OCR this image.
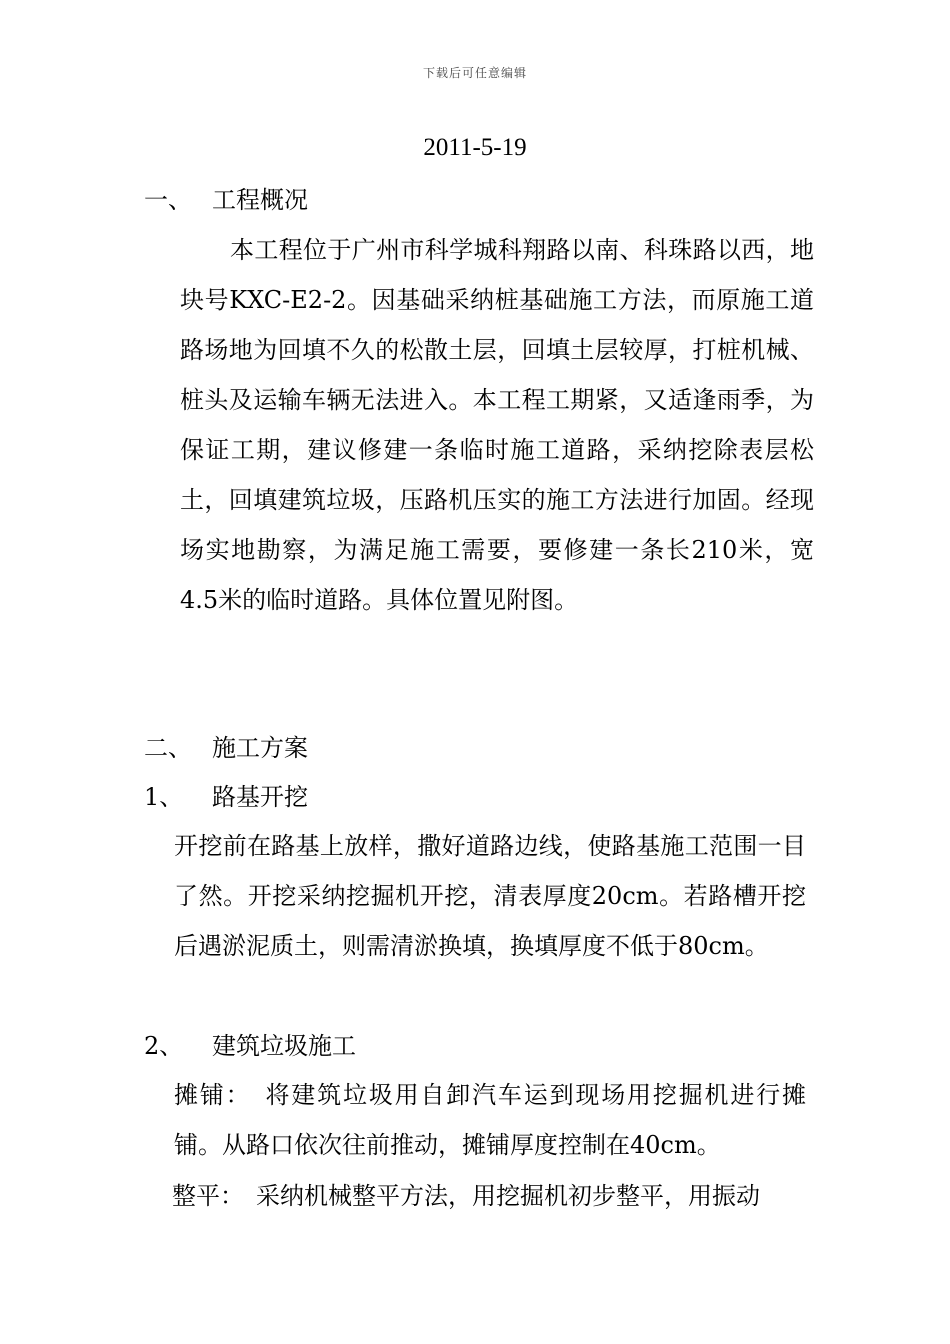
下载后可任意编辑
2011-5-19
一、 工程概况
本工程位于广州市科学城科翔路以南、科珠路以西，地块号KXC-E2-2。因基础采纳桩基础施工方法，而原施工道路场地为回填不久的松散土层，回填土层较厚，打桩机械、桩头及运输车辆无法进入。本工程工期紧，又适逢雨季，为保证工期，建议修建一条临时施工道路，采纳挖除表层松土，回填建筑垃圾，压路机压实的施工方法进行加固。经现场实地勘察，为满足施工需要，要修建一条长210米，宽4.5米的临时道路。具体位置见附图。
二、 施工方案
1、 路基开挖
开挖前在路基上放样，撒好道路边线，使路基施工范围一目了然。开挖采纳挖掘机开挖，清表厚度20cm。若路槽开挖后遇淤泥质土，则需清淤换填，换填厚度不低于80cm。
2、 建筑垃圾施工
摊铺： 将建筑垃圾用自卸汽车运到现场用挖掘机进行摊铺。从路口依次往前推动，摊铺厚度控制在40cm。
整平： 采纳机械整平方法，用挖掘机初步整平，用振动
